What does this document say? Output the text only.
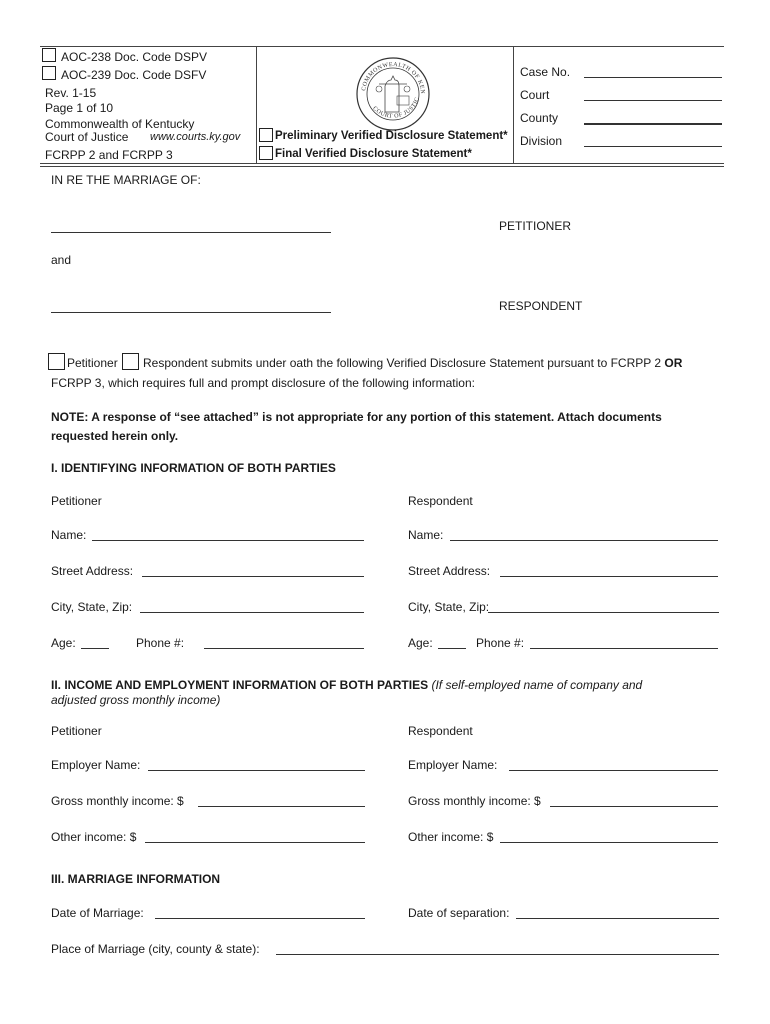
AOC-238 Doc. Code DSPV
AOC-239 Doc. Code DSFV
Rev. 1-15
Page 1 of 10
Commonwealth of Kentucky
Court of Justice www.courts.ky.gov
FCRPP 2 and FCRPP 3
COMMONWEALTH OF KEN
COURT OF JUSTIC
Preliminary Verified Disclosure Statement*
Final Verified Disclosure Statement*
Case No.
Court
County
Division
IN RE THE MARRIAGE OF:
PETITIONER
and
RESPONDENT
Petitioner Respondent submits under oath the following Verified Disclosure Statement pursuant to FCRPP 2 OR
FCRPP 3, which requires full and prompt disclosure of the following information:
NOTE: A response of “see attached” is not appropriate for any portion of this statement. Attach documents
requested herein only.
I. IDENTIFYING INFORMATION OF BOTH PARTIES
Petitioner	Respondent
Name:	Name:
Street Address:	Street Address:
City, State, Zip:	City, State, Zip:
Age:	Phone #:	Age:	Phone #:
II. INCOME AND EMPLOYMENT INFORMATION OF BOTH PARTIES (If self-employed name of company and
adjusted gross monthly income)
Petitioner	Respondent
Employer Name:	Employer Name:
Gross monthly income: $	Gross monthly income: $
Other income: $	Other income: $
III. MARRIAGE INFORMATION
Date of Marriage:	Date of separation:
Place of Marriage (city, county & state):
